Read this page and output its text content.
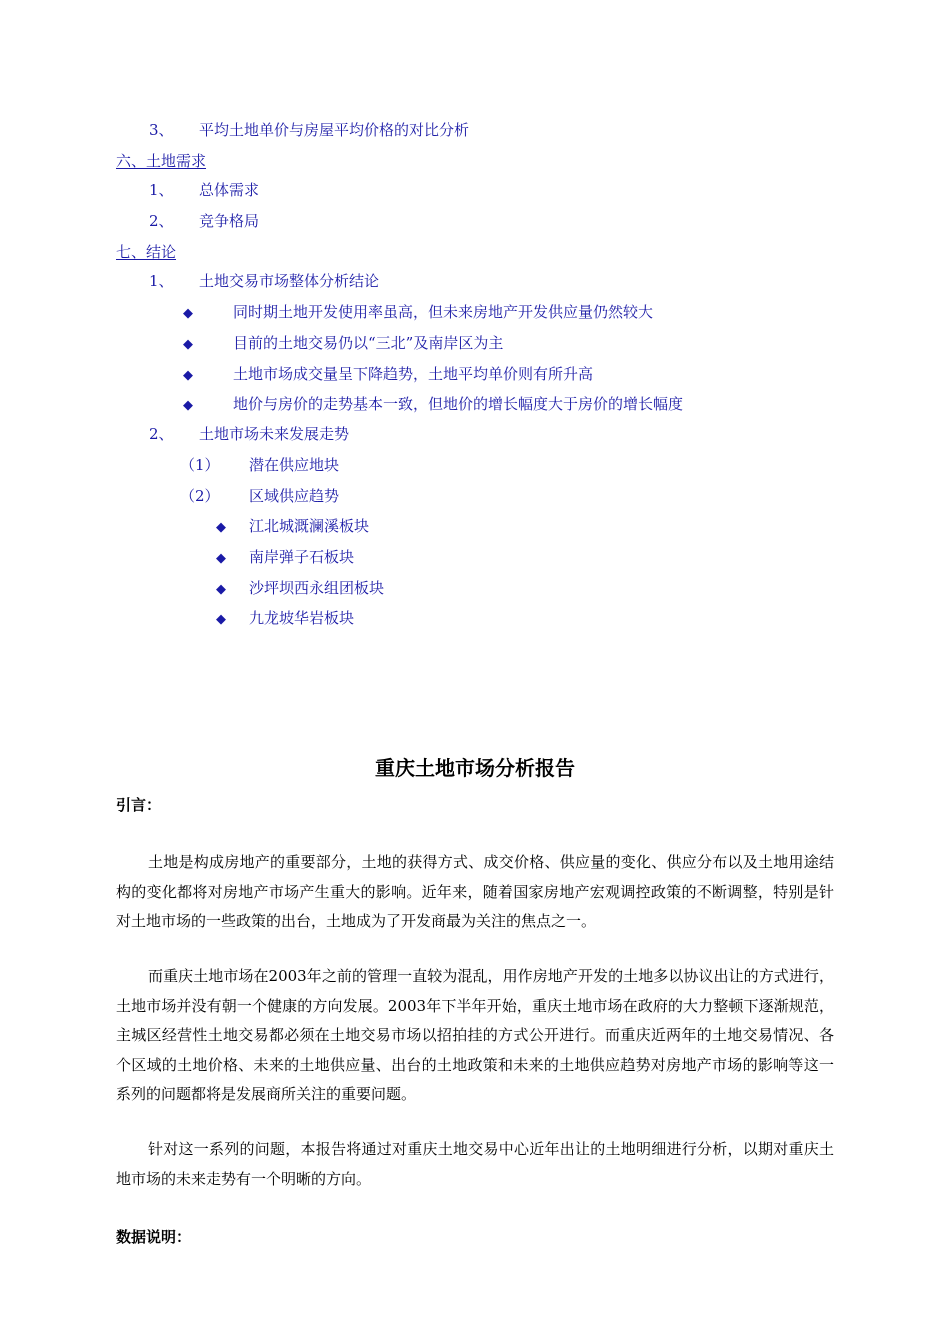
3、 平均土地单价与房屋平均价格的对比分析
六、土地需求
1、 总体需求
2、 竞争格局
七、结论
1、 土地交易市场整体分析结论
◆	同时期土地开发使用率虽高，但未来房地产开发供应量仍然较大
◆	目前的土地交易仍以“三北”及南岸区为主
◆	土地市场成交量呈下降趋势，土地平均单价则有所升高
◆	地价与房价的走势基本一致，但地价的增长幅度大于房价的增长幅度
2、 土地市场未来发展走势
（1） 潜在供应地块
（2） 区域供应趋势
◆ 江北城溉澜溪板块
◆ 南岸弹子石板块
◆ 沙坪坝西永组团板块
◆ 九龙坡华岩板块
重庆土地市场分析报告
引言：

土地是构成房地产的重要部分，土地的获得方式、成交价格、供应量的变化、供应分布以及土地用途结构的变化都将对房地产市场产生重大的影响。近年来，随着国家房地产宏观调控政策的不断调整，特别是针对土地市场的一些政策的出台，土地成为了开发商最为关注的焦点之一。

而重庆土地市场在2003年之前的管理一直较为混乱，用作房地产开发的土地多以协议出让的方式进行，土地市场并没有朝一个健康的方向发展。2003年下半年开始，重庆土地市场在政府的大力整顿下逐渐规范，主城区经营性土地交易都必须在土地交易市场以招拍挂的方式公开进行。而重庆近两年的土地交易情况、各个区域的土地价格、未来的土地供应量、出台的土地政策和未来的土地供应趋势对房地产市场的影响等这一系列的问题都将是发展商所关注的重要问题。

针对这一系列的问题，本报告将通过对重庆土地交易中心近年出让的土地明细进行分析，以期对重庆土地市场的未来走势有一个明晰的方向。

数据说明：
